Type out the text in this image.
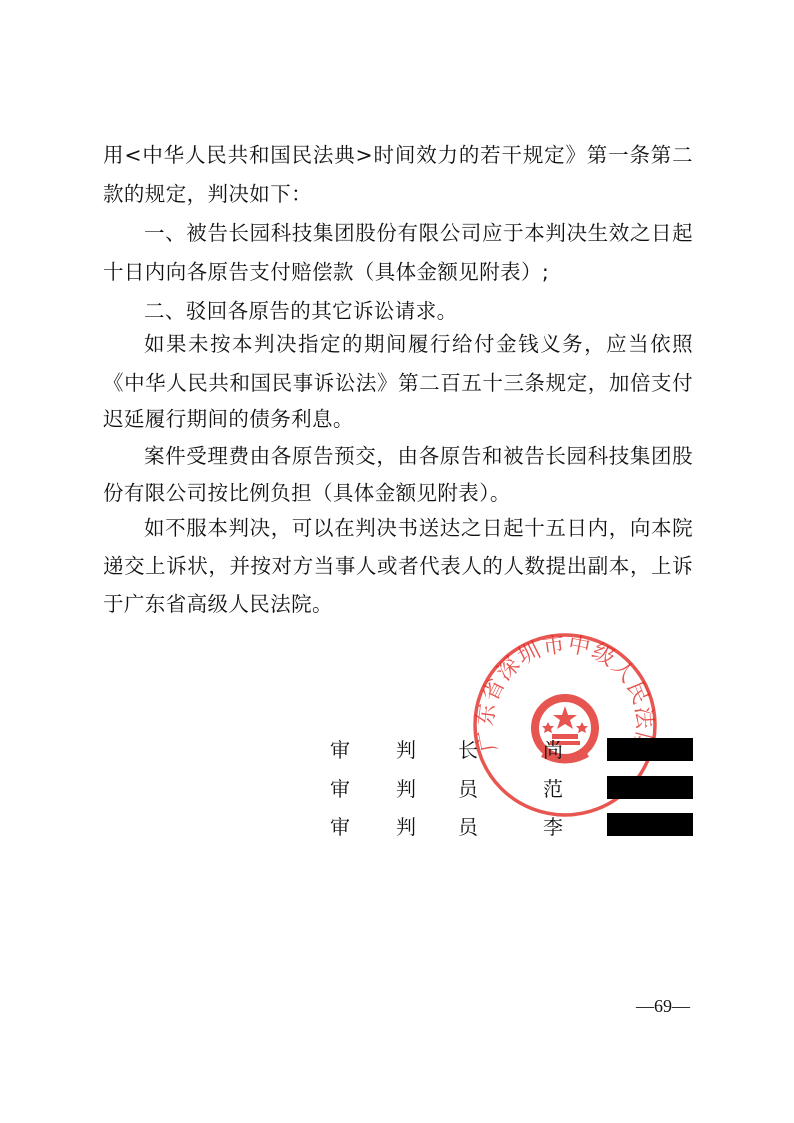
用<中华人民共和国民法典>时间效力的若干规定》第一条第二
款的规定，判决如下：
一、被告长园科技集团股份有限公司应于本判决生效之日起
十日内向各原告支付赔偿款（具体金额见附表）;
二、驳回各原告的其它诉讼请求。
如果未按本判决指定的期间履行给付金钱义务，应当依照
《中华人民共和国民事诉讼法》第二百五十三条规定，加倍支付
迟延履行期间的债务利息。
案件受理费由各原告预交，由各原告和被告长园科技集团股
份有限公司按比例负担（具体金额见附表）。
如不服本判决，可以在判决书送达之日起十五日内，向本院
递交上诉状，并按对方当事人或者代表人的人数提出副本，上诉
于广东省高级人民法院。
广东省深圳市中级人民法
审 判 长	尚
审 判 员	范
审 判 员	李
—69—
